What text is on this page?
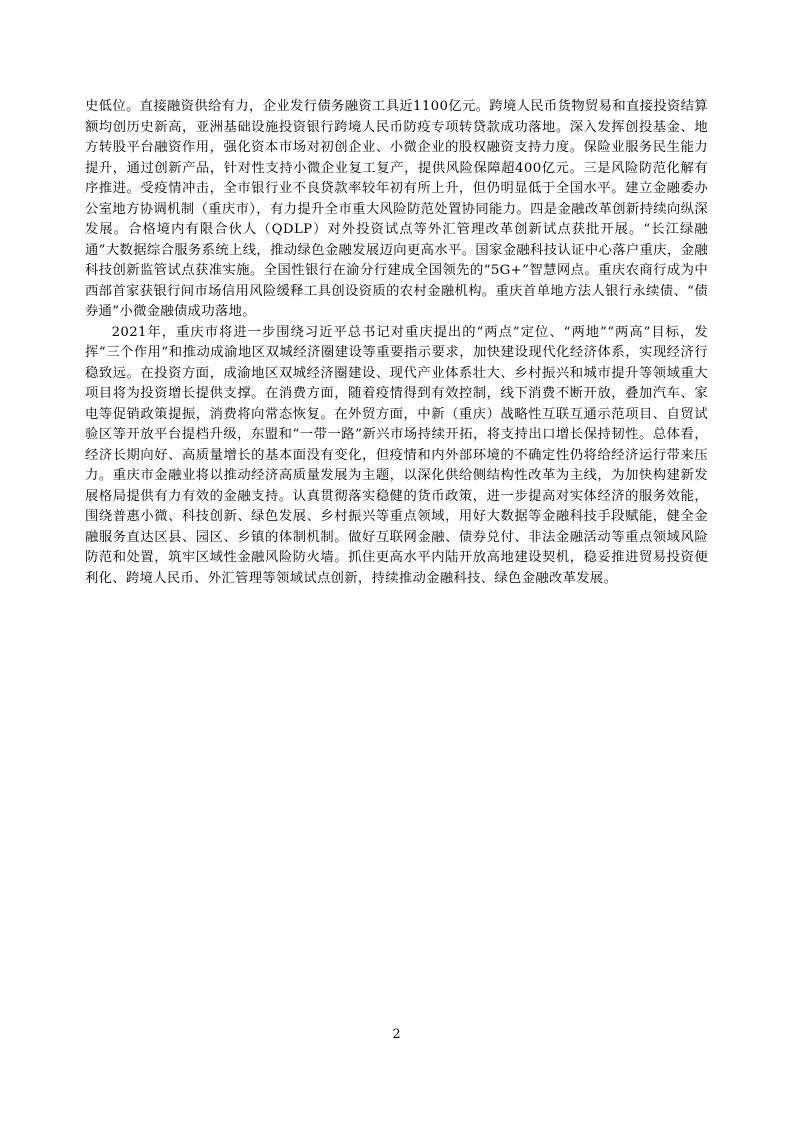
史低位。直接融资供给有力，企业发行债务融资工具近1100亿元。跨境人民币货物贸易和直接投资结算额均创历史新高，亚洲基础设施投资银行跨境人民币防疫专项转贷款成功落地。深入发挥创投基金、地方转股平台融资作用，强化资本市场对初创企业、小微企业的股权融资支持力度。保险业服务民生能力提升，通过创新产品，针对性支持小微企业复工复产，提供风险保障超400亿元。三是风险防范化解有序推进。受疫情冲击，全市银行业不良贷款率较年初有所上升，但仍明显低于全国水平。建立金融委办公室地方协调机制（重庆市），有力提升全市重大风险防范处置协同能力。四是金融改革创新持续向纵深发展。合格境内有限合伙人（QDLP）对外投资试点等外汇管理改革创新试点获批开展。“长江绿融通”大数据综合服务系统上线，推动绿色金融发展迈向更高水平。国家金融科技认证中心落户重庆，金融科技创新监管试点获准实施。全国性银行在渝分行建成全国领先的“5G+”智慧网点。重庆农商行成为中西部首家获银行间市场信用风险缓释工具创设资质的农村金融机构。重庆首单地方法人银行永续债、“债券通”小微金融债成功落地。

2021年，重庆市将进一步围绕习近平总书记对重庆提出的“两点”定位、“两地”“两高”目标，发挥“三个作用”和推动成渝地区双城经济圈建设等重要指示要求，加快建设现代化经济体系，实现经济行稳致远。在投资方面，成渝地区双城经济圈建设、现代产业体系壮大、乡村振兴和城市提升等领域重大项目将为投资增长提供支撑。在消费方面，随着疫情得到有效控制，线下消费不断开放，叠加汽车、家电等促销政策提振，消费将向常态恢复。在外贸方面，中新（重庆）战略性互联互通示范项目、自贸试验区等开放平台提档升级，东盟和“一带一路”新兴市场持续开拓，将支持出口增长保持韧性。总体看，经济长期向好、高质量增长的基本面没有变化，但疫情和内外部环境的不确定性仍将给经济运行带来压力。重庆市金融业将以推动经济高质量发展为主题，以深化供给侧结构性改革为主线，为加快构建新发展格局提供有力有效的金融支持。认真贯彻落实稳健的货币政策，进一步提高对实体经济的服务效能，围绕普惠小微、科技创新、绿色发展、乡村振兴等重点领域，用好大数据等金融科技手段赋能，健全金融服务直达区县、园区、乡镇的体制机制。做好互联网金融、债券兑付、非法金融活动等重点领域风险防范和处置，筑牢区域性金融风险防火墙。抓住更高水平内陆开放高地建设契机，稳妥推进贸易投资便利化、跨境人民币、外汇管理等领域试点创新，持续推动金融科技、绿色金融改革发展。

2
